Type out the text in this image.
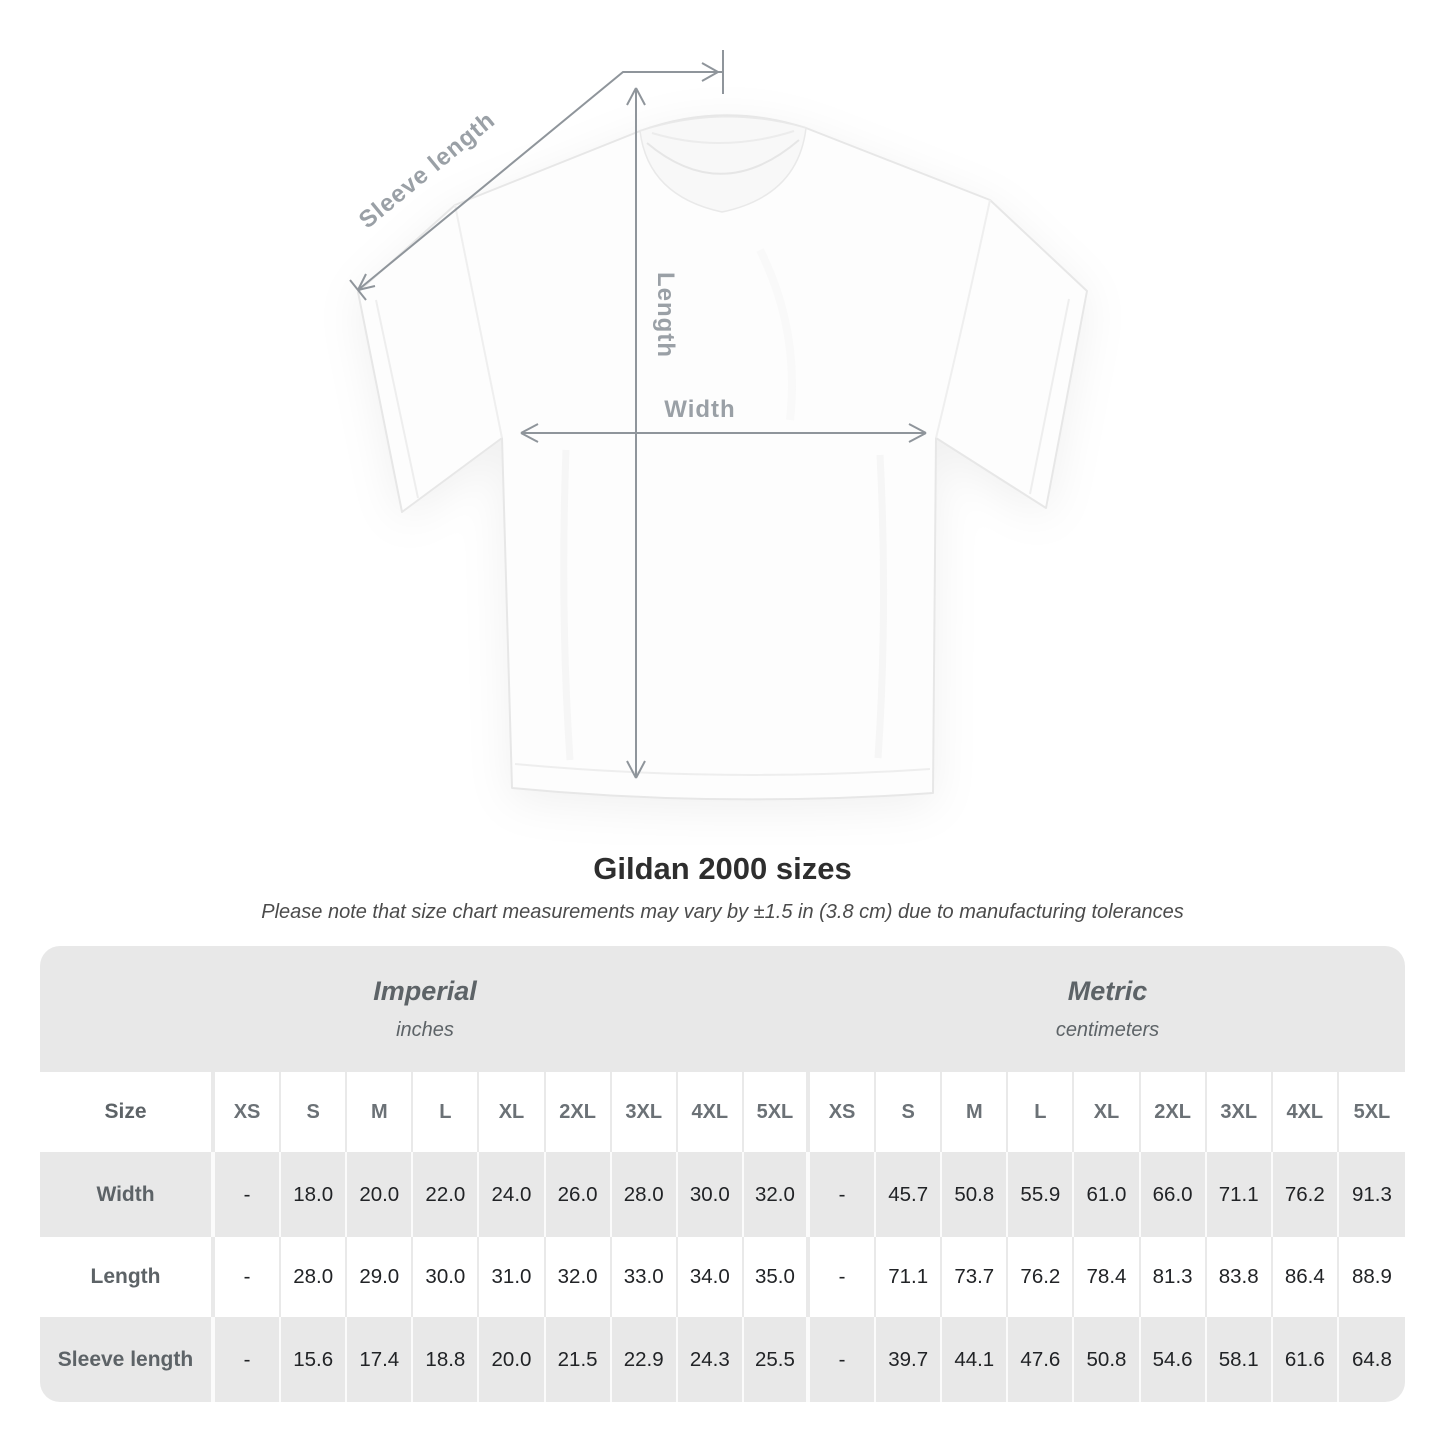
Sleeve length
Length
Width
Gildan 2000 sizes

Please note that size chart measurements may vary by ±1.5 in (3.8 cm) due to manufacturing tolerances

Imperial
inches
Metric
centimeters
Size	XS	S	M	L	XL	2XL	3XL	4XL	5XL	XS	S	M	L	XL	2XL	3XL	4XL	5XL
Width	-	18.0	20.0	22.0	24.0	26.0	28.0	30.0	32.0	-	45.7	50.8	55.9	61.0	66.0	71.1	76.2	91.3
Length	-	28.0	29.0	30.0	31.0	32.0	33.0	34.0	35.0	-	71.1	73.7	76.2	78.4	81.3	83.8	86.4	88.9
Sleeve length	-	15.6	17.4	18.8	20.0	21.5	22.9	24.3	25.5	-	39.7	44.1	47.6	50.8	54.6	58.1	61.6	64.8
